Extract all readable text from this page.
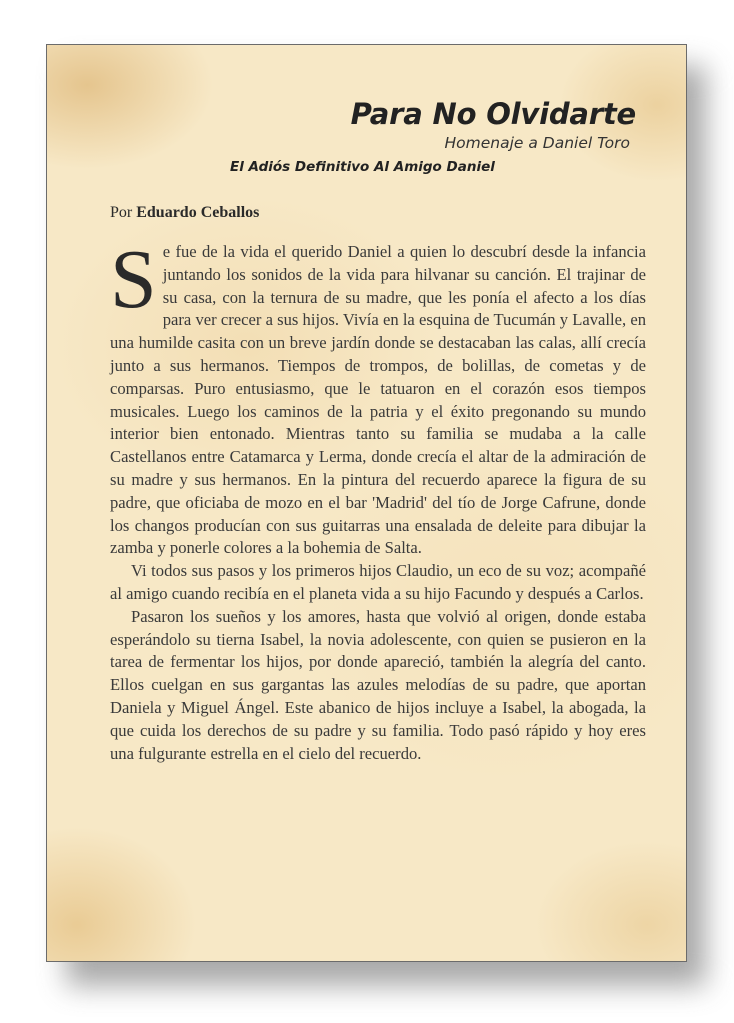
Para No Olvidarte
Homenaje a Daniel Toro
El Adiós Definitivo Al Amigo Daniel
Por Eduardo Ceballos

Se fue de la vida el querido Daniel a quien lo descubrí desde la infancia juntando los sonidos de la vida para hilvanar su canción. El trajinar de su casa, con la ternura de su madre, que les ponía el afecto a los días para ver crecer a sus hijos. Vivía en la esquina de Tucumán y Lavalle, en una humilde casita con un breve jardín donde se destacaban las calas, allí crecía junto a sus hermanos. Tiempos de trompos, de bolillas, de cometas y de comparsas. Puro entusiasmo, que le tatuaron en el corazón esos tiempos musicales. Luego los caminos de la patria y el éxito pregonando su mundo interior bien entonado. Mientras tanto su familia se mudaba a la calle Castellanos entre Catamarca y Lerma, donde crecía el altar de la admiración de su madre y sus hermanos. En la pintura del recuerdo aparece la figura de su padre, que oficiaba de mozo en el bar 'Madrid' del tío de Jorge Cafrune, donde los changos producían con sus guitarras una ensalada de deleite para dibujar la zamba y ponerle colores a la bohemia de Salta.

Vi todos sus pasos y los primeros hijos Claudio, un eco de su voz; acompañé al amigo cuando recibía en el planeta vida a su hijo Facundo y después a Carlos.

Pasaron los sueños y los amores, hasta que volvió al origen, donde estaba esperándolo su tierna Isabel, la novia adolescente, con quien se pusieron en la tarea de fermentar los hijos, por donde apareció, también la alegría del canto. Ellos cuelgan en sus gargantas las azules melodías de su padre, que aportan Daniela y Miguel Ángel. Este abanico de hijos incluye a Isabel, la abogada, la que cuida los derechos de su padre y su familia. Todo pasó rápido y hoy eres una fulgurante estrella en el cielo del recuerdo.
